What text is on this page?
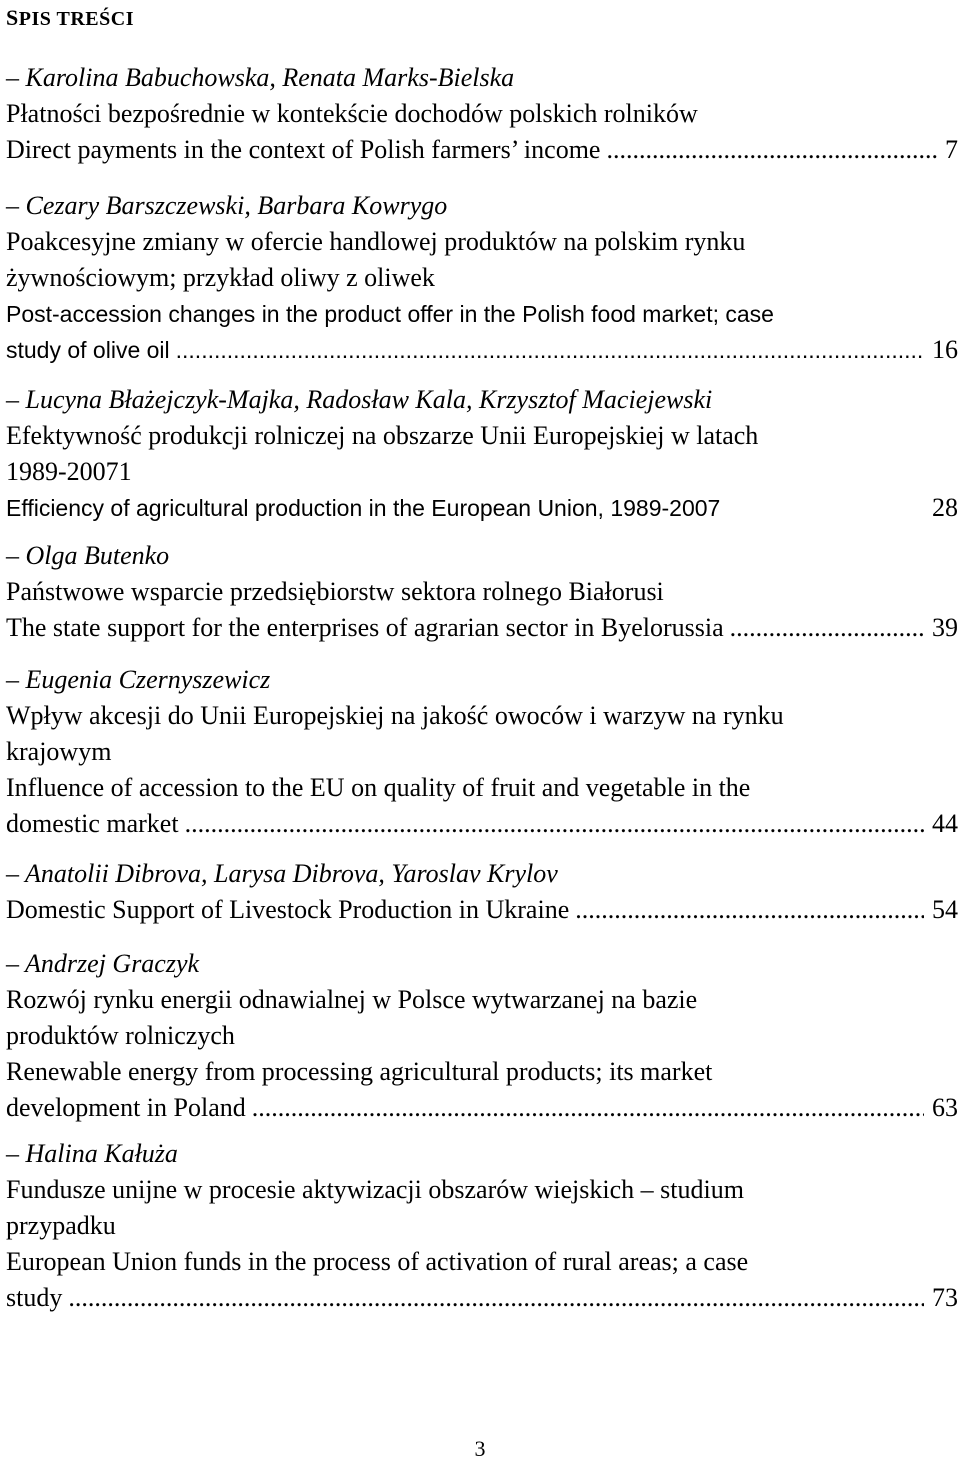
SPIS TREŚCI
– Karolina Babuchowska, Renata Marks-Bielska
Płatności bezpośrednie w kontekście dochodów polskich rolników
Direct payments in the context of Polish farmers’ income .....	7
– Cezary Barszczewski, Barbara Kowrygo
Poakcesyjne zmiany w ofercie handlowej produktów na polskim rynku
żywnościowym; przykład oliwy z oliwek
Post-accession changes in the product offer in the Polish food market; case
study of olive oil .....	16
– Lucyna Błażejczyk-Majka, Radosław Kala, Krzysztof Maciejewski
Efektywność produkcji rolniczej na obszarze Unii Europejskiej w latach
1989-20071
Efficiency of agricultural production in the European Union, 1989-2007	28
– Olga Butenko
Państwowe wsparcie przedsiębiorstw sektora rolnego Białorusi
The state support for the enterprises of agrarian sector in Byelorussia .....	39
– Eugenia Czernyszewicz
Wpływ akcesji do Unii Europejskiej na jakość owoców i warzyw na rynku
krajowym
Influence of accession to the EU on quality of fruit and vegetable in the
domestic market .....	44
– Anatolii Dibrova, Larysa Dibrova, Yaroslav Krylov
Domestic Support of Livestock Production in Ukraine .....	54
– Andrzej Graczyk
Rozwój rynku energii odnawialnej w Polsce wytwarzanej na bazie
produktów rolniczych
Renewable energy from processing agricultural products; its market
development in Poland .....	63
– Halina Kałuża
Fundusze unijne w procesie aktywizacji obszarów wiejskich – studium
przypadku
European Union funds in the process of activation of rural areas; a case
study .....	73
3
